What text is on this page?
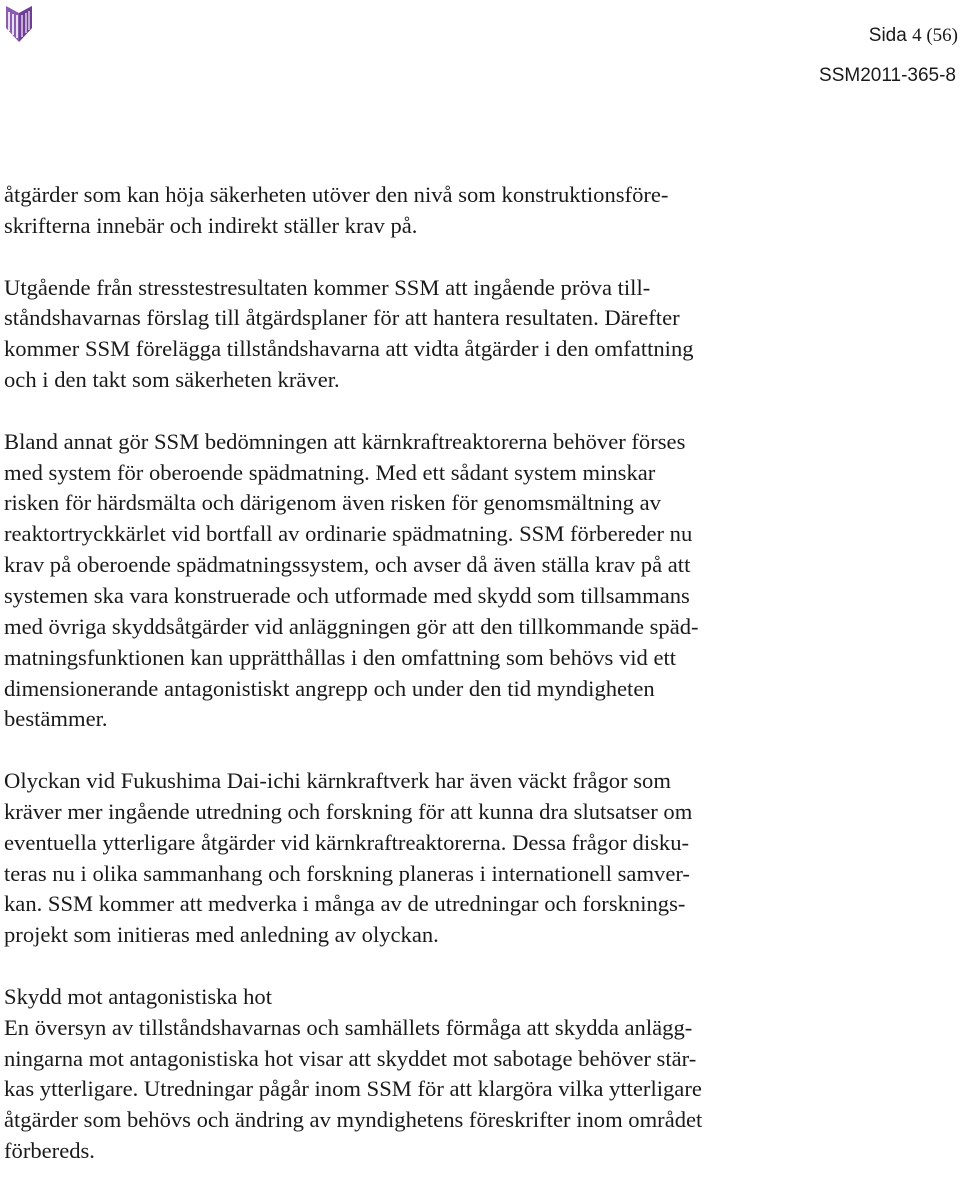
Sida 4 (56)
SSM2011-365-8

åtgärder som kan höja säkerheten utöver den nivå som konstruktionsföre-
skrifterna innebär och indirekt ställer krav på.

Utgående från stresstestresultaten kommer SSM att ingående pröva till-
ståndshavarnas förslag till åtgärdsplaner för att hantera resultaten. Därefter
kommer SSM förelägga tillståndshavarna att vidta åtgärder i den omfattning
och i den takt som säkerheten kräver.

Bland annat gör SSM bedömningen att kärnkraftreaktorerna behöver förses
med system för oberoende spädmatning. Med ett sådant system minskar
risken för härdsmälta och därigenom även risken för genomsmältning av
reaktortryckkärlet vid bortfall av ordinarie spädmatning. SSM förbereder nu
krav på oberoende spädmatningssystem, och avser då även ställa krav på att
systemen ska vara konstruerade och utformade med skydd som tillsammans
med övriga skyddsåtgärder vid anläggningen gör att den tillkommande späd-
matningsfunktionen kan upprätthållas i den omfattning som behövs vid ett
dimensionerande antagonistiskt angrepp och under den tid myndigheten
bestämmer.

Olyckan vid Fukushima Dai-ichi kärnkraftverk har även väckt frågor som
kräver mer ingående utredning och forskning för att kunna dra slutsatser om
eventuella ytterligare åtgärder vid kärnkraftreaktorerna. Dessa frågor disku-
teras nu i olika sammanhang och forskning planeras i internationell samver-
kan. SSM kommer att medverka i många av de utredningar och forsknings-
projekt som initieras med anledning av olyckan.

Skydd mot antagonistiska hot

En översyn av tillståndshavarnas och samhällets förmåga att skydda anlägg-
ningarna mot antagonistiska hot visar att skyddet mot sabotage behöver stär-
kas ytterligare. Utredningar pågår inom SSM för att klargöra vilka ytterligare
åtgärder som behövs och ändring av myndighetens föreskrifter inom området
förbereds.
